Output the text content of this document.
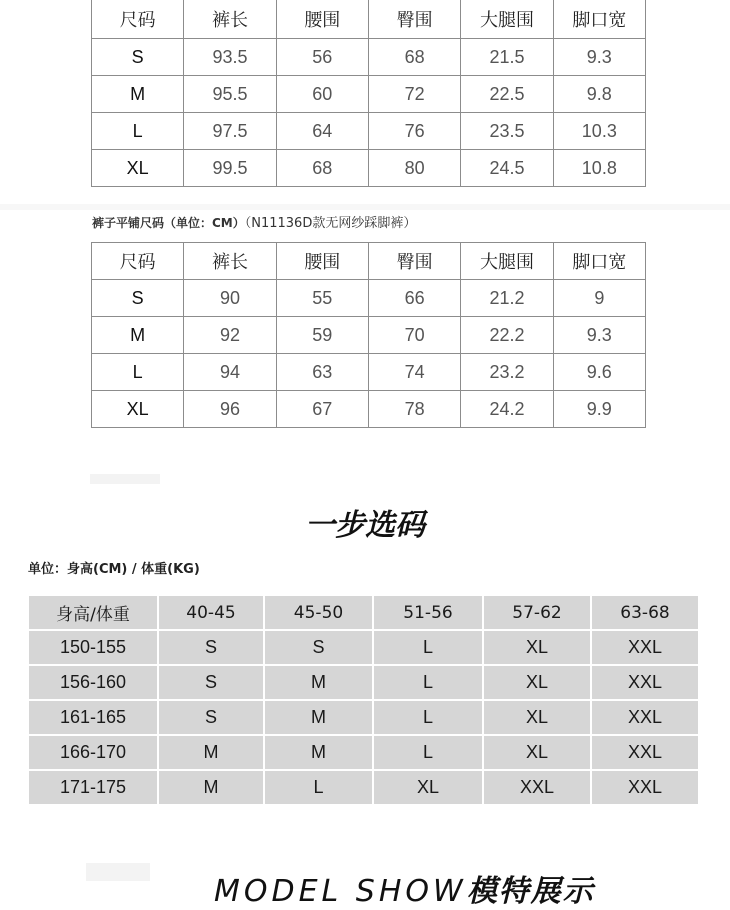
尺码	裤长	腰围	臀围	大腿围	脚口宽
S	93.5	56	68	21.5	9.3
M	95.5	60	72	22.5	9.8
L	97.5	64	76	23.5	10.3
XL	99.5	68	80	24.5	10.8
裤子平铺尺码（单位：CM）（N11136D款无网纱踩脚裤）
尺码	裤长	腰围	臀围	大腿围	脚口宽
S	90	55	66	21.2	9
M	92	59	70	22.2	9.3
L	94	63	74	23.2	9.6
XL	96	67	78	24.2	9.9
一步选码
单位：身高(CM) / 体重(KG)
身高/体重	40-45	45-50	51-56	57-62	63-68
150-155	S	S	L	XL	XXL
156-160	S	M	L	XL	XXL
161-165	S	M	L	XL	XXL
166-170	M	M	L	XL	XXL
171-175	M	L	XL	XXL	XXL
MODEL SHOW模特展示
